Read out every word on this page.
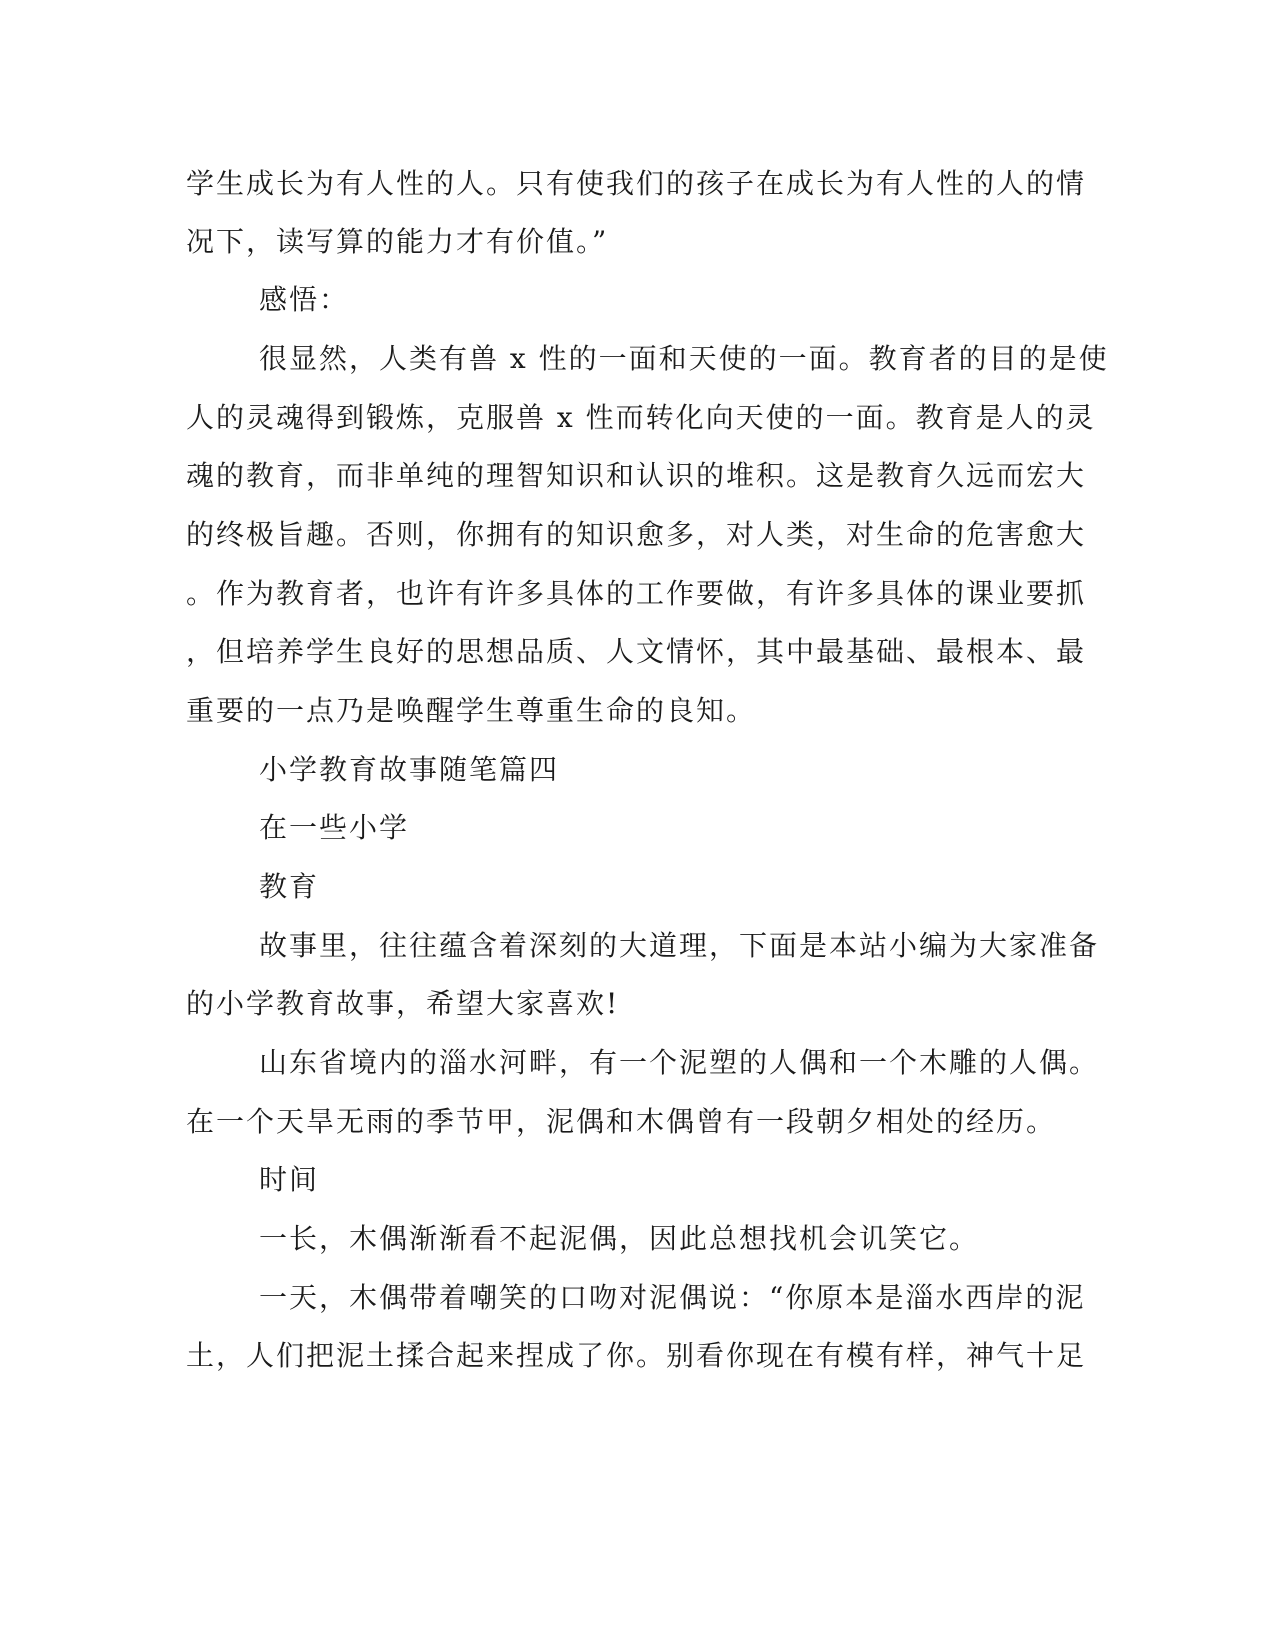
学生成长为有人性的人。只有使我们的孩子在成长为有人性的人的情
况下，读写算的能力才有价值。”
感悟：
很显然，人类有兽 x 性的一面和天使的一面。教育者的目的是使
人的灵魂得到锻炼，克服兽 x 性而转化向天使的一面。教育是人的灵
魂的教育，而非单纯的理智知识和认识的堆积。这是教育久远而宏大
的终极旨趣。否则，你拥有的知识愈多，对人类，对生命的危害愈大
。作为教育者，也许有许多具体的工作要做，有许多具体的课业要抓
，但培养学生良好的思想品质、人文情怀，其中最基础、最根本、最
重要的一点乃是唤醒学生尊重生命的良知。
小学教育故事随笔篇四
在一些小学
教育
故事里，往往蕴含着深刻的大道理，下面是本站小编为大家准备
的小学教育故事，希望大家喜欢!
山东省境内的淄水河畔，有一个泥塑的人偶和一个木雕的人偶。
在一个天旱无雨的季节甲，泥偶和木偶曾有一段朝夕相处的经历。
时间
一长，木偶渐渐看不起泥偶，因此总想找机会讥笑它。
一天，木偶带着嘲笑的口吻对泥偶说：“你原本是淄水西岸的泥
土，人们把泥土揉合起来捏成了你。别看你现在有模有样，神气十足
